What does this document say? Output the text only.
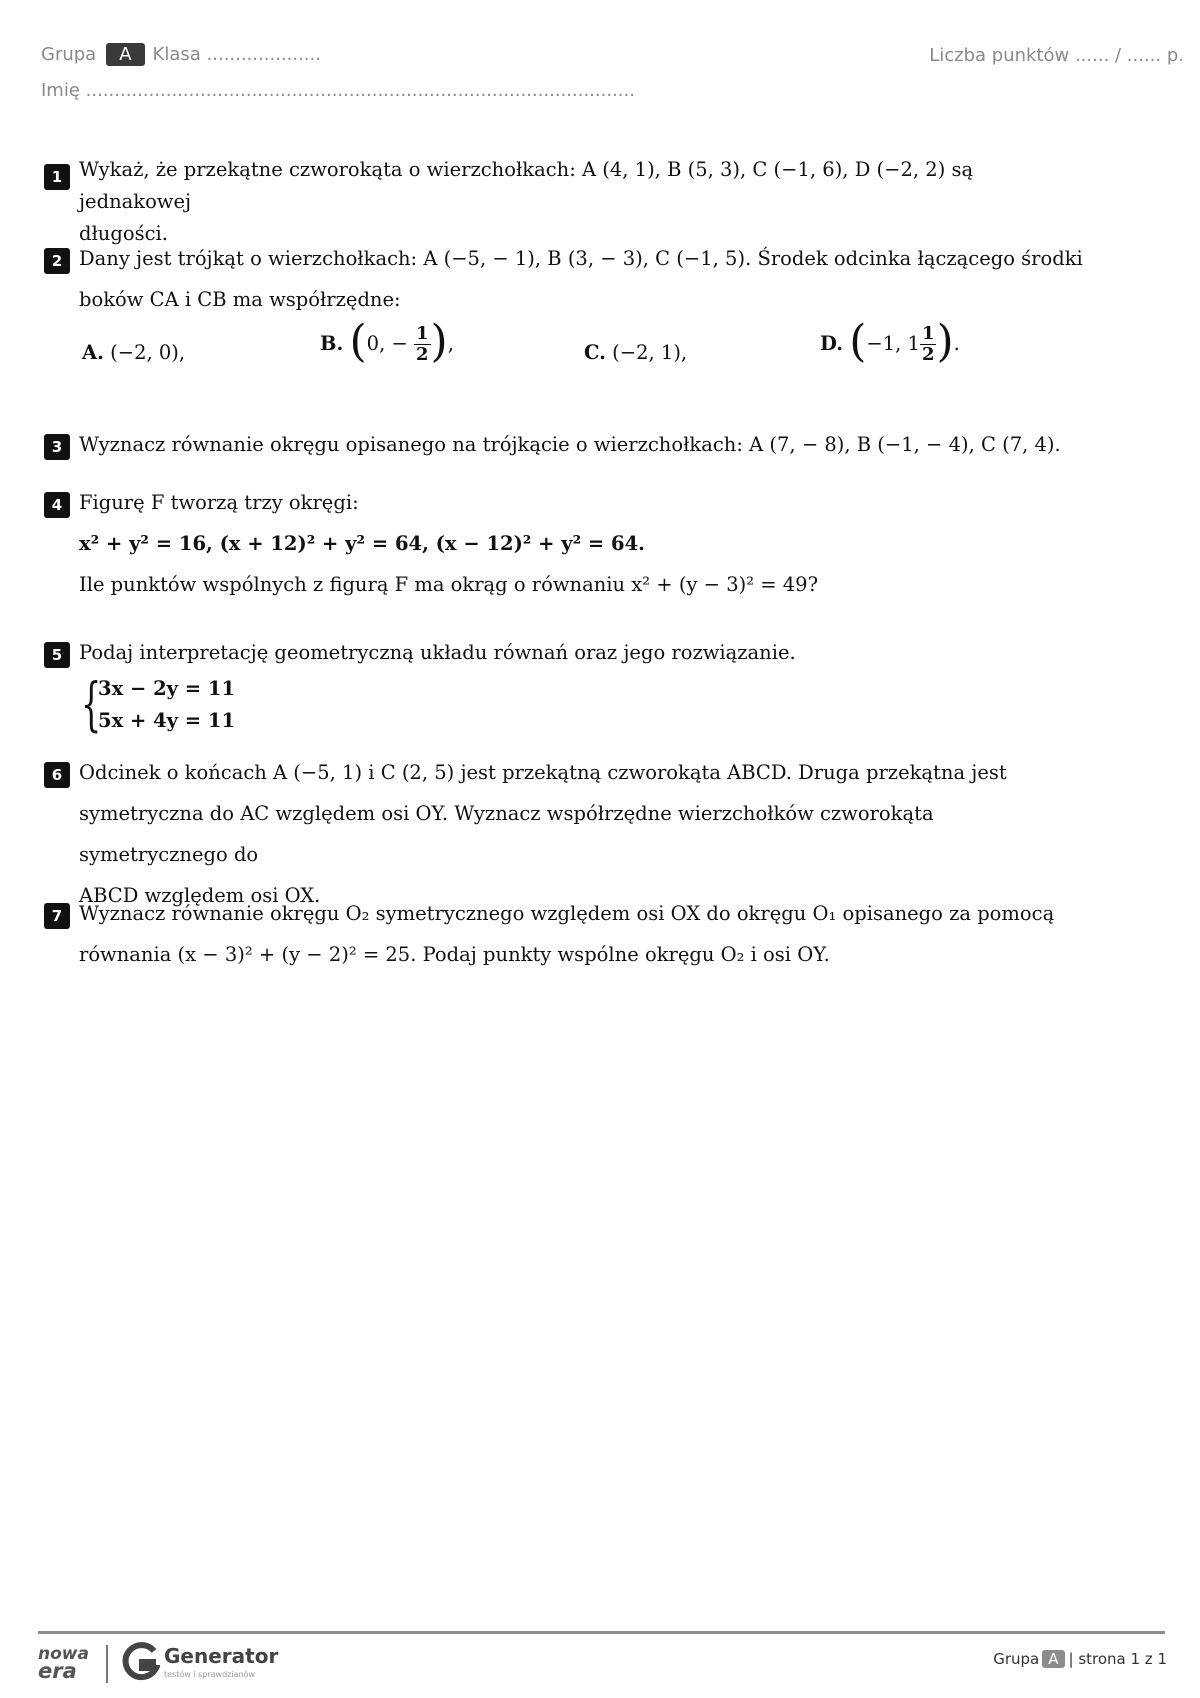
Grupa A Klasa ....................	Liczba punktów ...... / ...... p.
Imię ................................................................................................
1 Wykaż, że przekątne czworokąta o wierzchołkach: A (4, 1), B (5, 3), C (−1, 6), D (−2, 2) są jednakowej

długości.

2 Dany jest trójkąt o wierzchołkach: A (−5, − 1), B (3, − 3), C (−1, 5). Środek odcinka łączącego środki

boków CA i CB ma współrzędne:

A. (−2, 0),	B. (0, − $\frac{1}{2}$ ),	C. (−2, 1),	D. (−1, $1 \frac{1}{2}$ ).
3 Wyznacz równanie okręgu opisanego na trójkącie o wierzchołkach: A (7, − 8), B (−1, − 4), C (7, 4).

4 Figurę F tworzą trzy okręgi:

x² + y² = 16, (x + 12)² + y² = 64, (x − 12)² + y² = 64.

Ile punktów wspólnych z figurą F ma okrąg o równaniu x² + (y − 3)² = 49?

5 Podaj interpretację geometryczną układu równań oraz jego rozwiązanie.

{

3x − 2y = 11

5x + 4y = 11

6 Odcinek o końcach A (−5, 1) i C (2, 5) jest przekątną czworokąta ABCD. Druga przekątna jest

symetryczna do AC względem osi OY. Wyznacz współrzędne wierzchołków czworokąta symetrycznego do

ABCD względem osi OX.

7 Wyznacz równanie okręgu O₂ symetrycznego względem osi OX do okręgu O₁ opisanego za pomocą

równania (x − 3)² + (y − 2)² = 25. Podaj punkty wspólne okręgu O₂ i osi OY.

nowa
era
Generator
testów i sprawdzianów
Grupa A | strona 1 z 1
